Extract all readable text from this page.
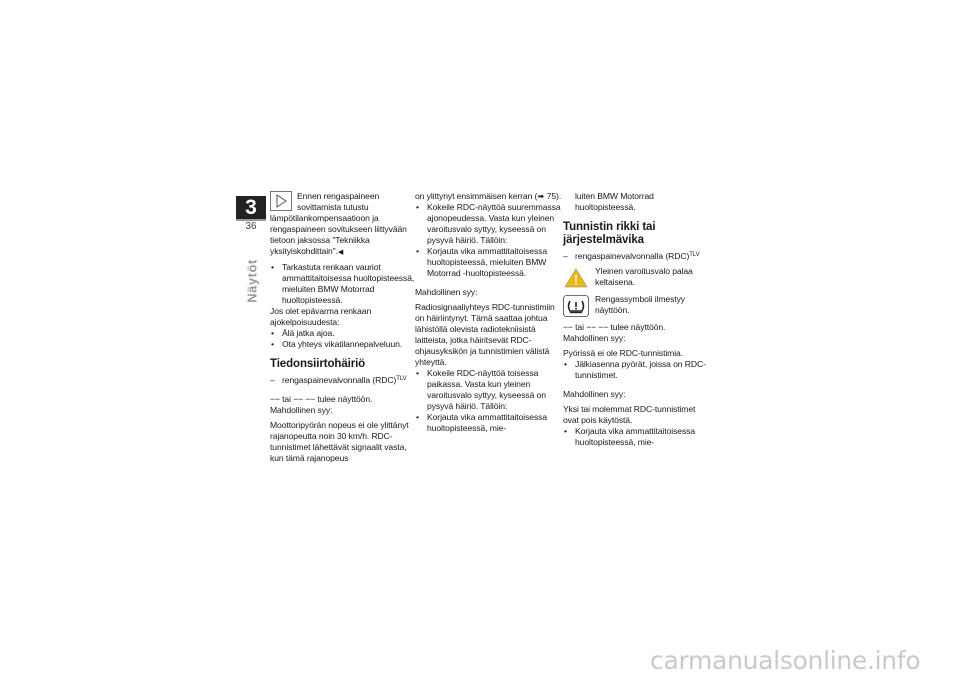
3
36
Näytöt
Ennen rengaspaineen
sovittamista tutustu
lämpötilankompensaatioon ja rengaspaineen sovitukseen liittyvään tietoon jaksossa "Tekniikka yksityiskohdittain".◀
• Tarkastuta renkaan vauriot ammattitaitoisessa huoltopisteessä, mieluiten BMW Motorrad huoltopisteessä.
Jos olet epävarma renkaan ajokelpoisuudesta:
• Älä jatka ajoa.
• Ota yhteys vikatilannepalveluun.
Tiedonsiirtohäiriö
– rengaspainevalvonnalla (RDC)$^{TLV}$
−− tai −− −− tulee näyttöön.
Mahdollinen syy:
Moottoripyörän nopeus ei ole ylittänyt rajanopeutta noin 30 km/h. RDC-tunnistimet lähettävät signaalit vasta, kun tämä rajanopeus
on ylittynyt ensimmäisen kerran (➠ 75).
• Kokeile RDC-näyttöä suuremmassa ajonopeudessa. Vasta kun yleinen varoitusvalo syttyy, kyseessä on pysyvä häiriö. Tällöin:
• Korjauta vika ammattitaitoisessa huoltopisteessä, mieluiten BMW Motorrad -huoltopisteessä.
Mahdollinen syy:
Radiosignaaliyhteys RDC-tunnistimiin on häiriintynyt. Tämä saattaa johtua lähistöllä olevista radiotekniisistä laitteista, jotka häiritsevät RDC-ohjausyksikön ja tunnistimien välistä yhteyttä.
• Kokeile RDC-näyttöä toisessa paikassa. Vasta kun yleinen varoitusvalo syttyy, kyseessä on pysyvä häiriö. Tällöin:
• Korjauta vika ammattitaitoisessa huoltopisteessä, mie-
luiten BMW Motorrad huoltopisteessä.
Tunnistin rikki tai järjestelmävika
– rengaspainevalvonnalla (RDC)$^{TLV}$
Yleinen varoitusvalo palaa keltaisena.
Rengassymboli ilmestyy näyttöön.
−− tai −− −− tulee näyttöön.
Mahdollinen syy:
Pyörissä ei ole RDC-tunnistimia.
• Jälkiasenna pyörät, joissa on RDC-tunnistimet.
Mahdollinen syy:
Yksi tai molemmat RDC-tunnistimet ovat pois käytöstä.
• Korjauta vika ammattitaitoisessa huoltopisteessä, mie-
carmanualsonline.info
